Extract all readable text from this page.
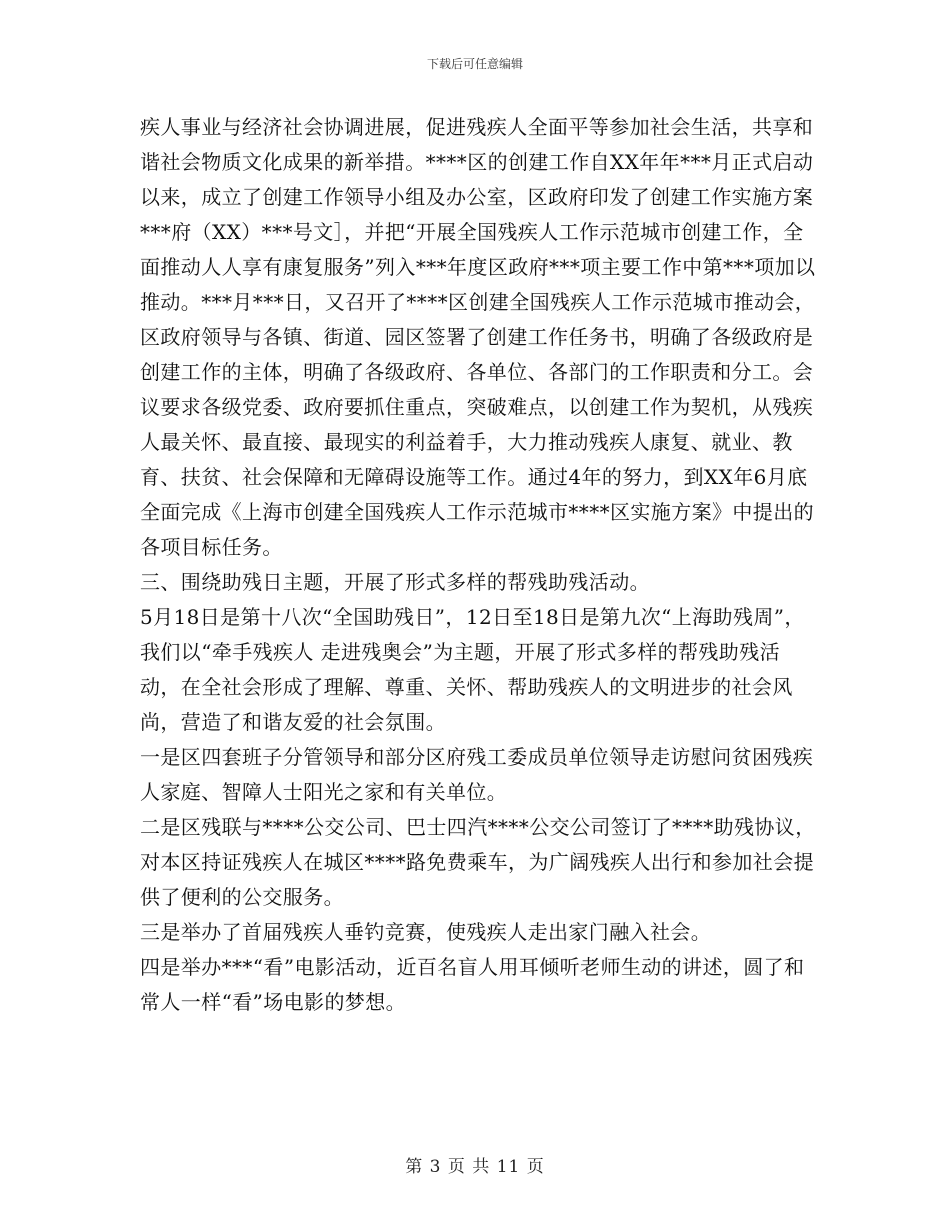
下载后可任意编辑

疾人事业与经济社会协调进展，促进残疾人全面平等参加社会生活，共享和谐社会物质文化成果的新举措。****区的创建工作自XX年年***月正式启动以来，成立了创建工作领导小组及办公室，区政府印发了创建工作实施方案***府（XX）***号文］，并把“开展全国残疾人工作示范城市创建工作，全面推动人人享有康复服务”列入***年度区政府***项主要工作中第***项加以推动。***月***日，又召开了****区创建全国残疾人工作示范城市推动会，区政府领导与各镇、街道、园区签署了创建工作任务书，明确了各级政府是创建工作的主体，明确了各级政府、各单位、各部门的工作职责和分工。会议要求各级党委、政府要抓住重点，突破难点，以创建工作为契机，从残疾人最关怀、最直接、最现实的利益着手，大力推动残疾人康复、就业、教育、扶贫、社会保障和无障碍设施等工作。通过4年的努力，到XX年6月底全面完成《上海市创建全国残疾人工作示范城市****区实施方案》中提出的各项目标任务。

三、围绕助残日主题，开展了形式多样的帮残助残活动。

5月18日是第十八次“全国助残日”，12日至18日是第九次“上海助残周”，我们以“牵手残疾人 走进残奥会”为主题，开展了形式多样的帮残助残活动，在全社会形成了理解、尊重、关怀、帮助残疾人的文明进步的社会风尚，营造了和谐友爱的社会氛围。

一是区四套班子分管领导和部分区府残工委成员单位领导走访慰问贫困残疾人家庭、智障人士阳光之家和有关单位。

二是区残联与****公交公司、巴士四汽****公交公司签订了****助残协议，对本区持证残疾人在城区****路免费乘车，为广阔残疾人出行和参加社会提供了便利的公交服务。

三是举办了首届残疾人垂钓竞赛，使残疾人走出家门融入社会。

四是举办***“看”电影活动，近百名盲人用耳倾听老师生动的讲述，圆了和常人一样“看”场电影的梦想。

第 3 页 共 11 页
